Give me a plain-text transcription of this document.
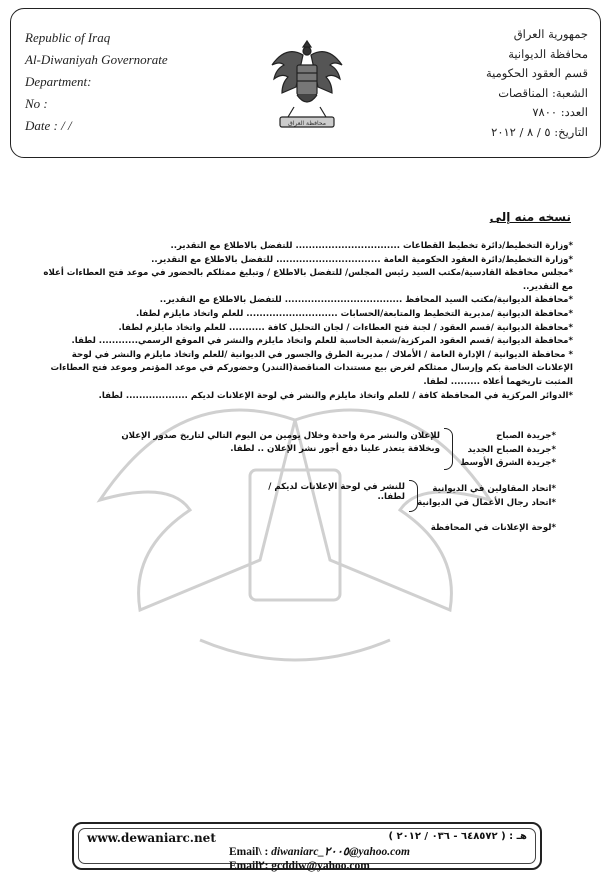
Republic of Iraq
Al-Diwaniyah Governorate
Department:
No :
Date : / /	محافظة العراق
جمهورية العراق
محافظة الديوانية
قسم العقود الحكومية
الشعبة: المناقصات
العدد: ٧٨٠٠
التاريخ: ٥ / ٨ / ٢٠١٢
نسخه منه إلى
*وزارة التخطيط/دائرة تخطيط القطاعات ................................ للتفضل بالاطلاع مع التقدير..
*وزارة التخطيط/دائرة العقود الحكومية العامة ................................ للتفضل بالاطلاع مع التقدير..
*مجلس محافظة القادسية/مكتب السيد رئيس المجلس/ للتفضل بالاطلاع / وتبليغ ممثلكم بالحضور في موعد فتح العطاءات أعلاه مع التقدير..
*محافظة الديوانية/مكتب السيد المحافظ .................................... للتفضل بالاطلاع مع التقدير..
*محافظة الديوانية /مديرية التخطيط والمتابعة/الحسابات ............................ للعلم واتخاذ مايلزم لطفا.
*محافظة الديوانية /قسم العقود / لجنة فتح العطاءات / لجان التحليل كافة ........... للعلم واتخاذ مايلزم لطفا.
*محافظة الديوانية /قسم العقود المركزية/شعبة الحاسبة للعلم واتخاذ مايلزم والنشر في الموقع الرسمي............ لطفا.
* محافظة الديوانية / الإدارة العامة / الأملاك / مديرية الطرق والجسور في الديوانية /للعلم واتخاذ مايلزم والنشر في لوحة الإعلانات الخاصة بكم وإرسال ممثلكم لغرض بيع مستندات المناقصة(التندر) وحضوركم في موعد المؤتمر وموعد فتح العطاءات المثبت تاريخهما أعلاه ......... لطفا.
*الدوائر المركزية في المحافظة كافة / للعلم واتخاذ مايلزم والنشر في لوحة الإعلانات لديكم ................... لطفا.
*جريدة الصباح
*جريدة الصباح الجديد
*جريدة الشرق الأوسط
للإعلان والنشر مرة واحدة وخلال يومين من اليوم التالي لتاريخ صدور الإعلان وبخلافة يتعذر علينا دفع أجور نشر الإعلان .. لطفا.
*اتحاد المقاولين في الديوانية
*اتحاد رجال الأعمال في الديوانية
للنشر في لوحة الإعلانات لديكم / لطفا..
*لوحة الإعلانات في المحافظة
www.dewaniarc.net	هـ : ( ٦٤٨٥٧٢ - ٠٣٦ / ٢٠١٢ )
Email\ : diwaniarc_٢٠٠٥@yahoo.com
Email٢: gcddiw@yahoo.com
